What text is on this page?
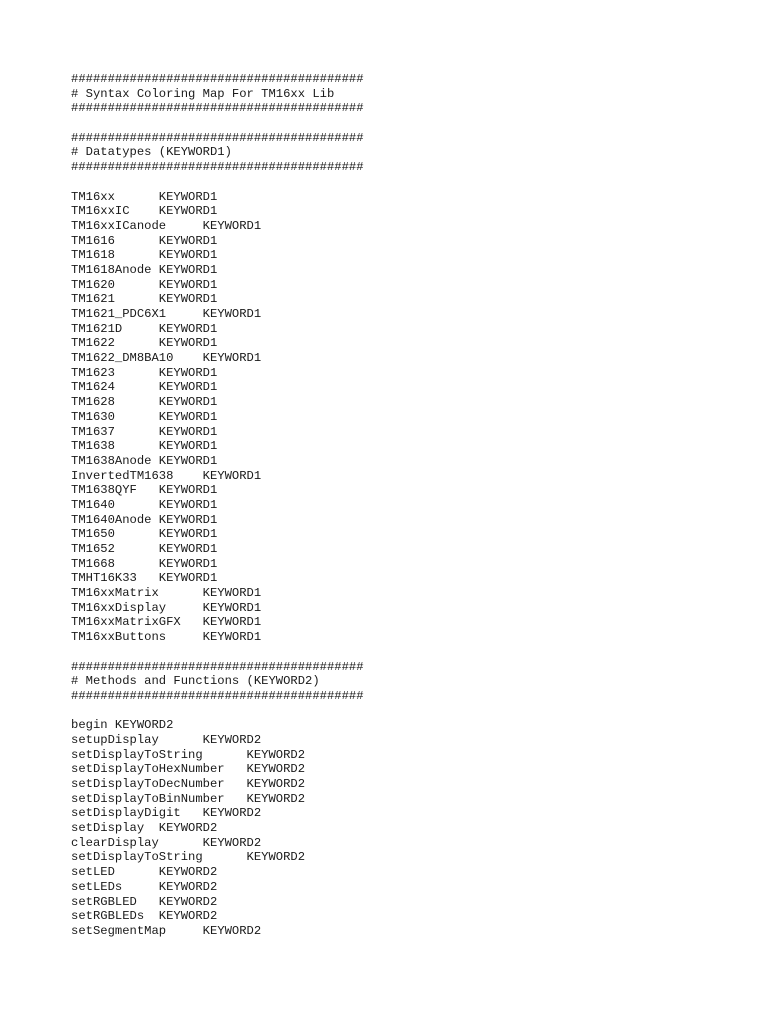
########################################
# Syntax Coloring Map For TM16xx Lib
########################################
########################################
# Datatypes (KEYWORD1)
########################################
TM16xx      KEYWORD1
TM16xxIC    KEYWORD1
TM16xxICanode     KEYWORD1
TM1616      KEYWORD1
TM1618      KEYWORD1
TM1618Anode KEYWORD1
TM1620      KEYWORD1
TM1621      KEYWORD1
TM1621_PDC6X1     KEYWORD1
TM1621D     KEYWORD1
TM1622      KEYWORD1
TM1622_DM8BA10    KEYWORD1
TM1623      KEYWORD1
TM1624      KEYWORD1
TM1628      KEYWORD1
TM1630      KEYWORD1
TM1637      KEYWORD1
TM1638      KEYWORD1
TM1638Anode KEYWORD1
InvertedTM1638    KEYWORD1
TM1638QYF   KEYWORD1
TM1640      KEYWORD1
TM1640Anode KEYWORD1
TM1650      KEYWORD1
TM1652      KEYWORD1
TM1668      KEYWORD1
TMHT16K33   KEYWORD1
TM16xxMatrix      KEYWORD1
TM16xxDisplay     KEYWORD1
TM16xxMatrixGFX   KEYWORD1
TM16xxButtons     KEYWORD1
########################################
# Methods and Functions (KEYWORD2)
########################################
begin KEYWORD2
setupDisplay      KEYWORD2
setDisplayToString      KEYWORD2
setDisplayToHexNumber   KEYWORD2
setDisplayToDecNumber   KEYWORD2
setDisplayToBinNumber   KEYWORD2
setDisplayDigit   KEYWORD2
setDisplay  KEYWORD2
clearDisplay      KEYWORD2
setDisplayToString      KEYWORD2
setLED      KEYWORD2
setLEDs     KEYWORD2
setRGBLED   KEYWORD2
setRGBLEDs  KEYWORD2
setSegmentMap     KEYWORD2
